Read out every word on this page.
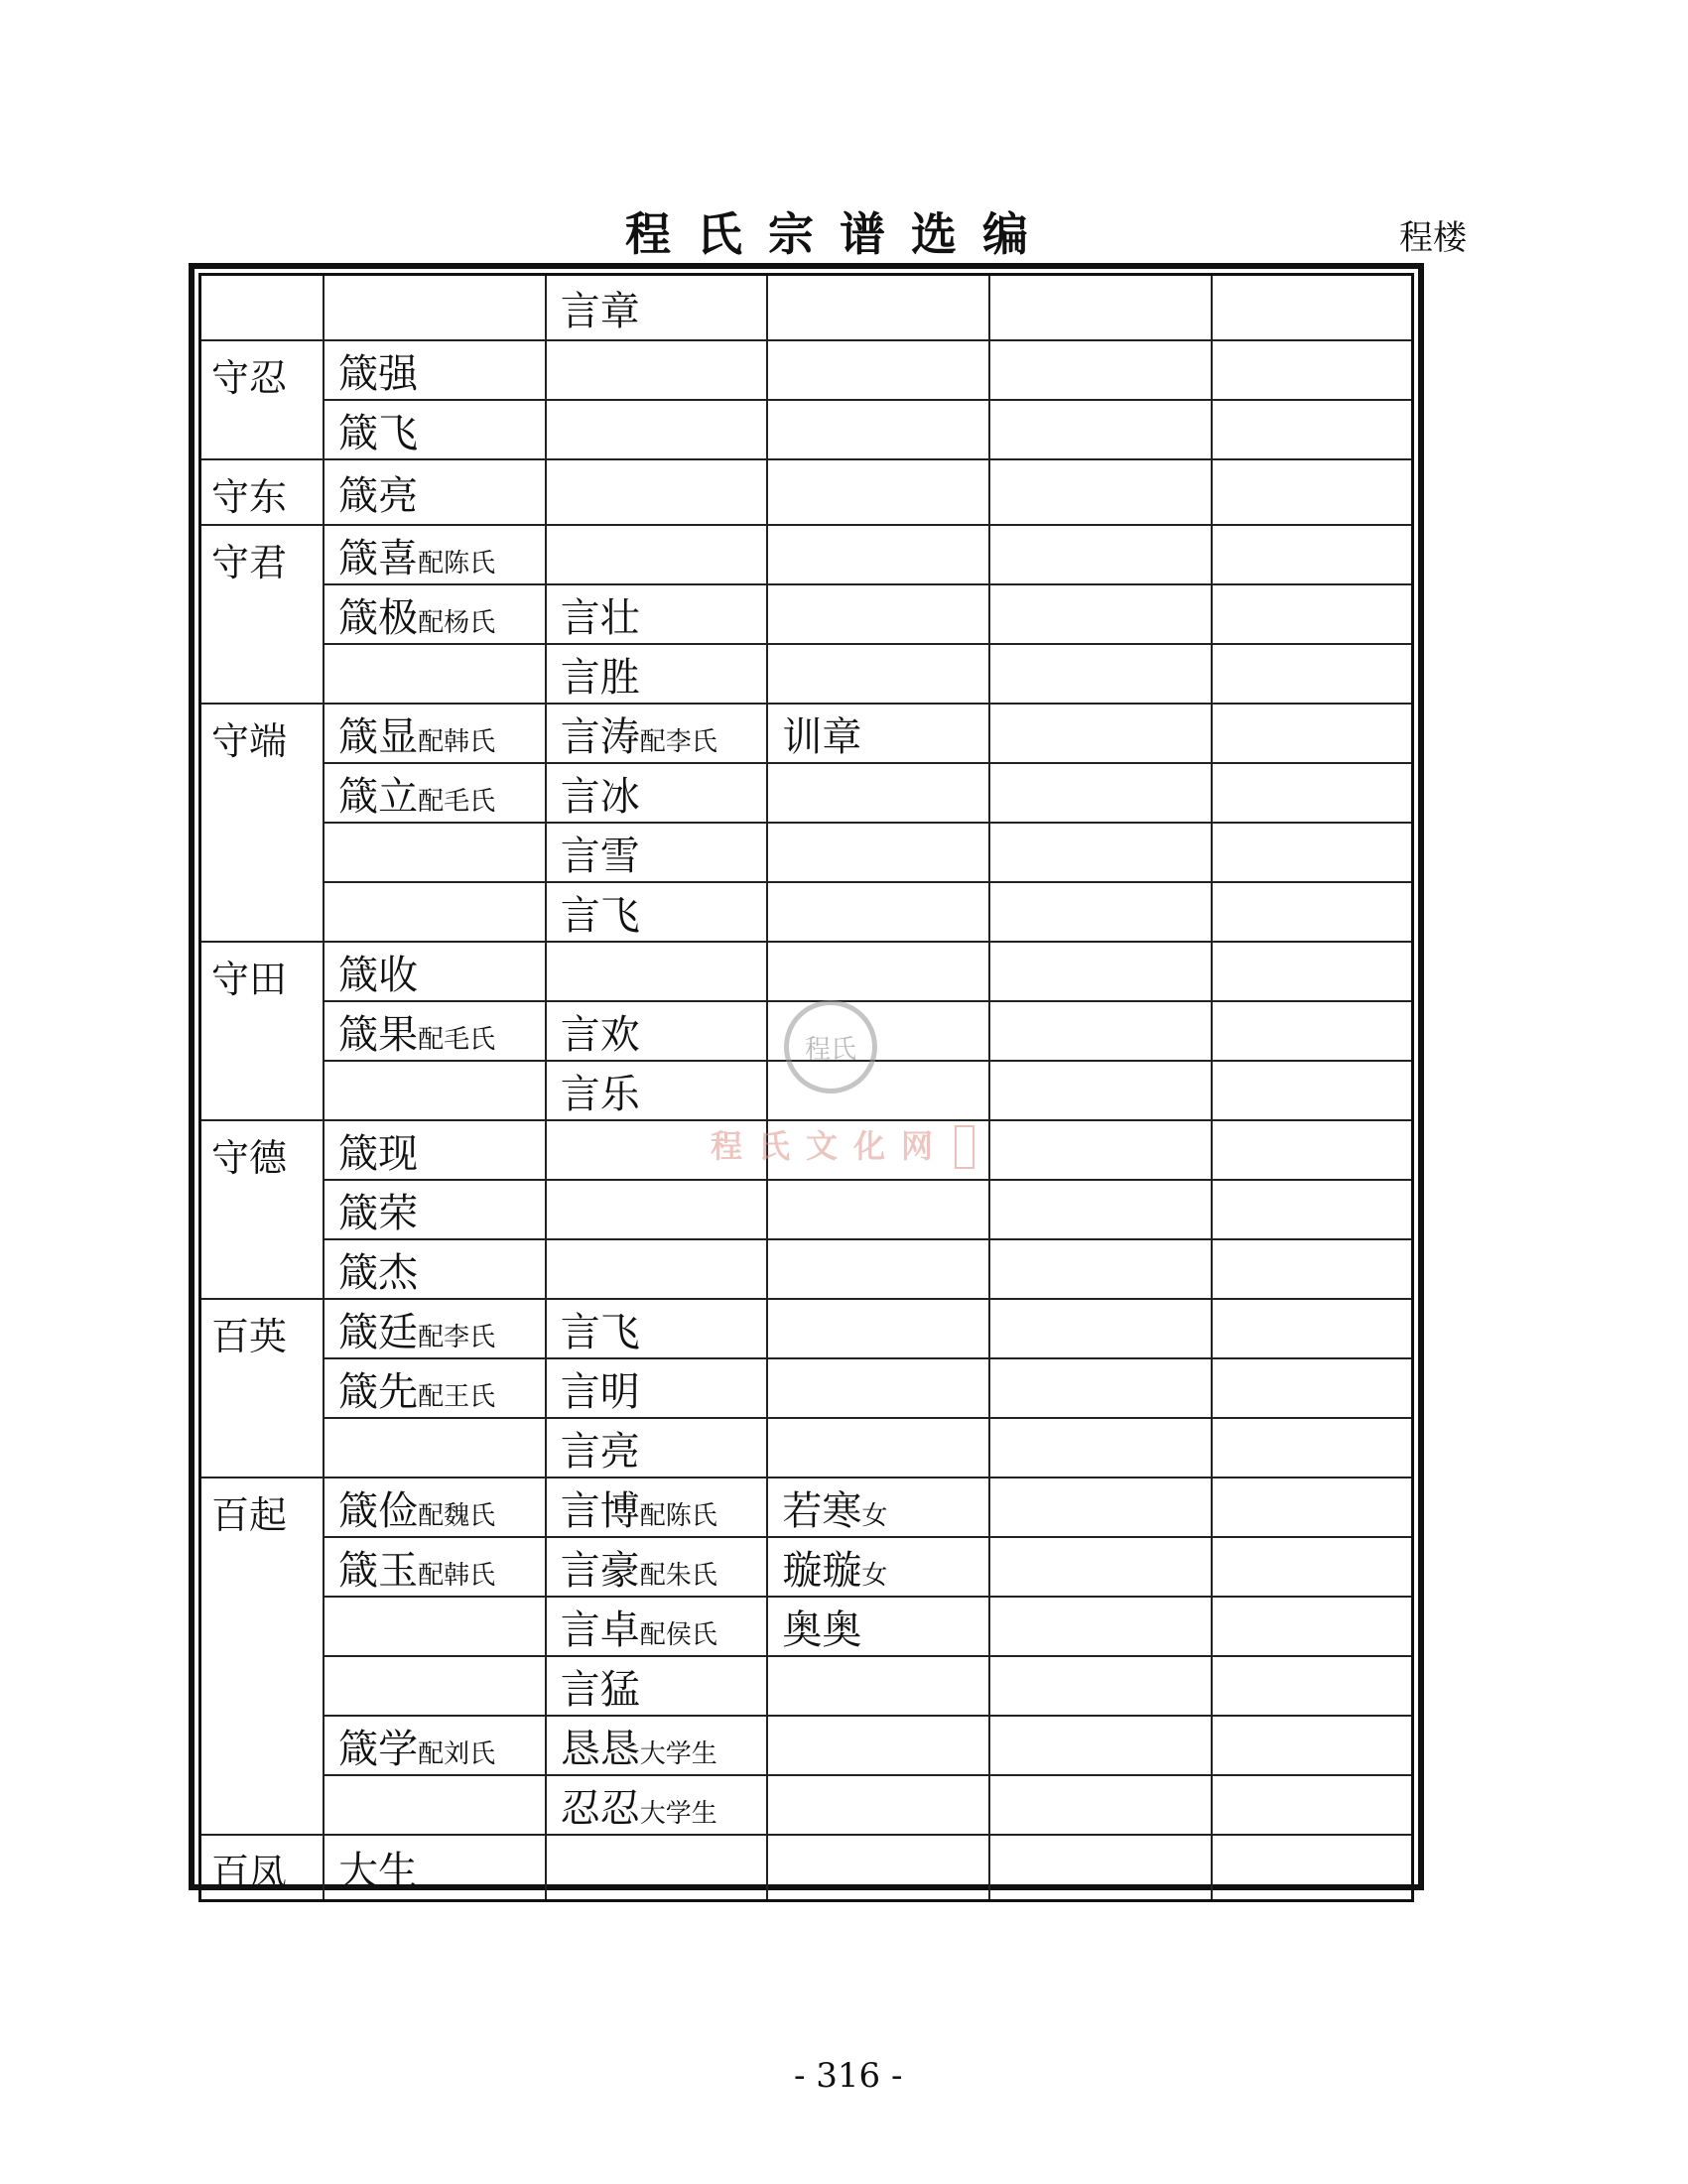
程氏宗谱选编	程楼
		言章			
守忍	箴强				
	箴飞				
守东	箴亮				
守君	箴喜配陈氏				
	箴极配杨氏	言壮			
		言胜			
守端	箴显配韩氏	言涛配李氏	训章		
	箴立配毛氏	言冰			
		言雪			
		言飞			
守田	箴收				
	箴果配毛氏	言欢			
		言乐			
守德	箴现				
	箴荣				
	箴杰				
百英	箴廷配李氏	言飞			
	箴先配王氏	言明			
		言亮			
百起	箴俭配魏氏	言博配陈氏	若寒女		
	箴玉配韩氏	言豪配朱氏	璇璇女		
		言卓配侯氏	奥奥		
		言猛			
	箴学配刘氏	恳恳大学生			
		忍忍大学生			
百凤	大生				
程氏
程氏文化网
- 316 -
